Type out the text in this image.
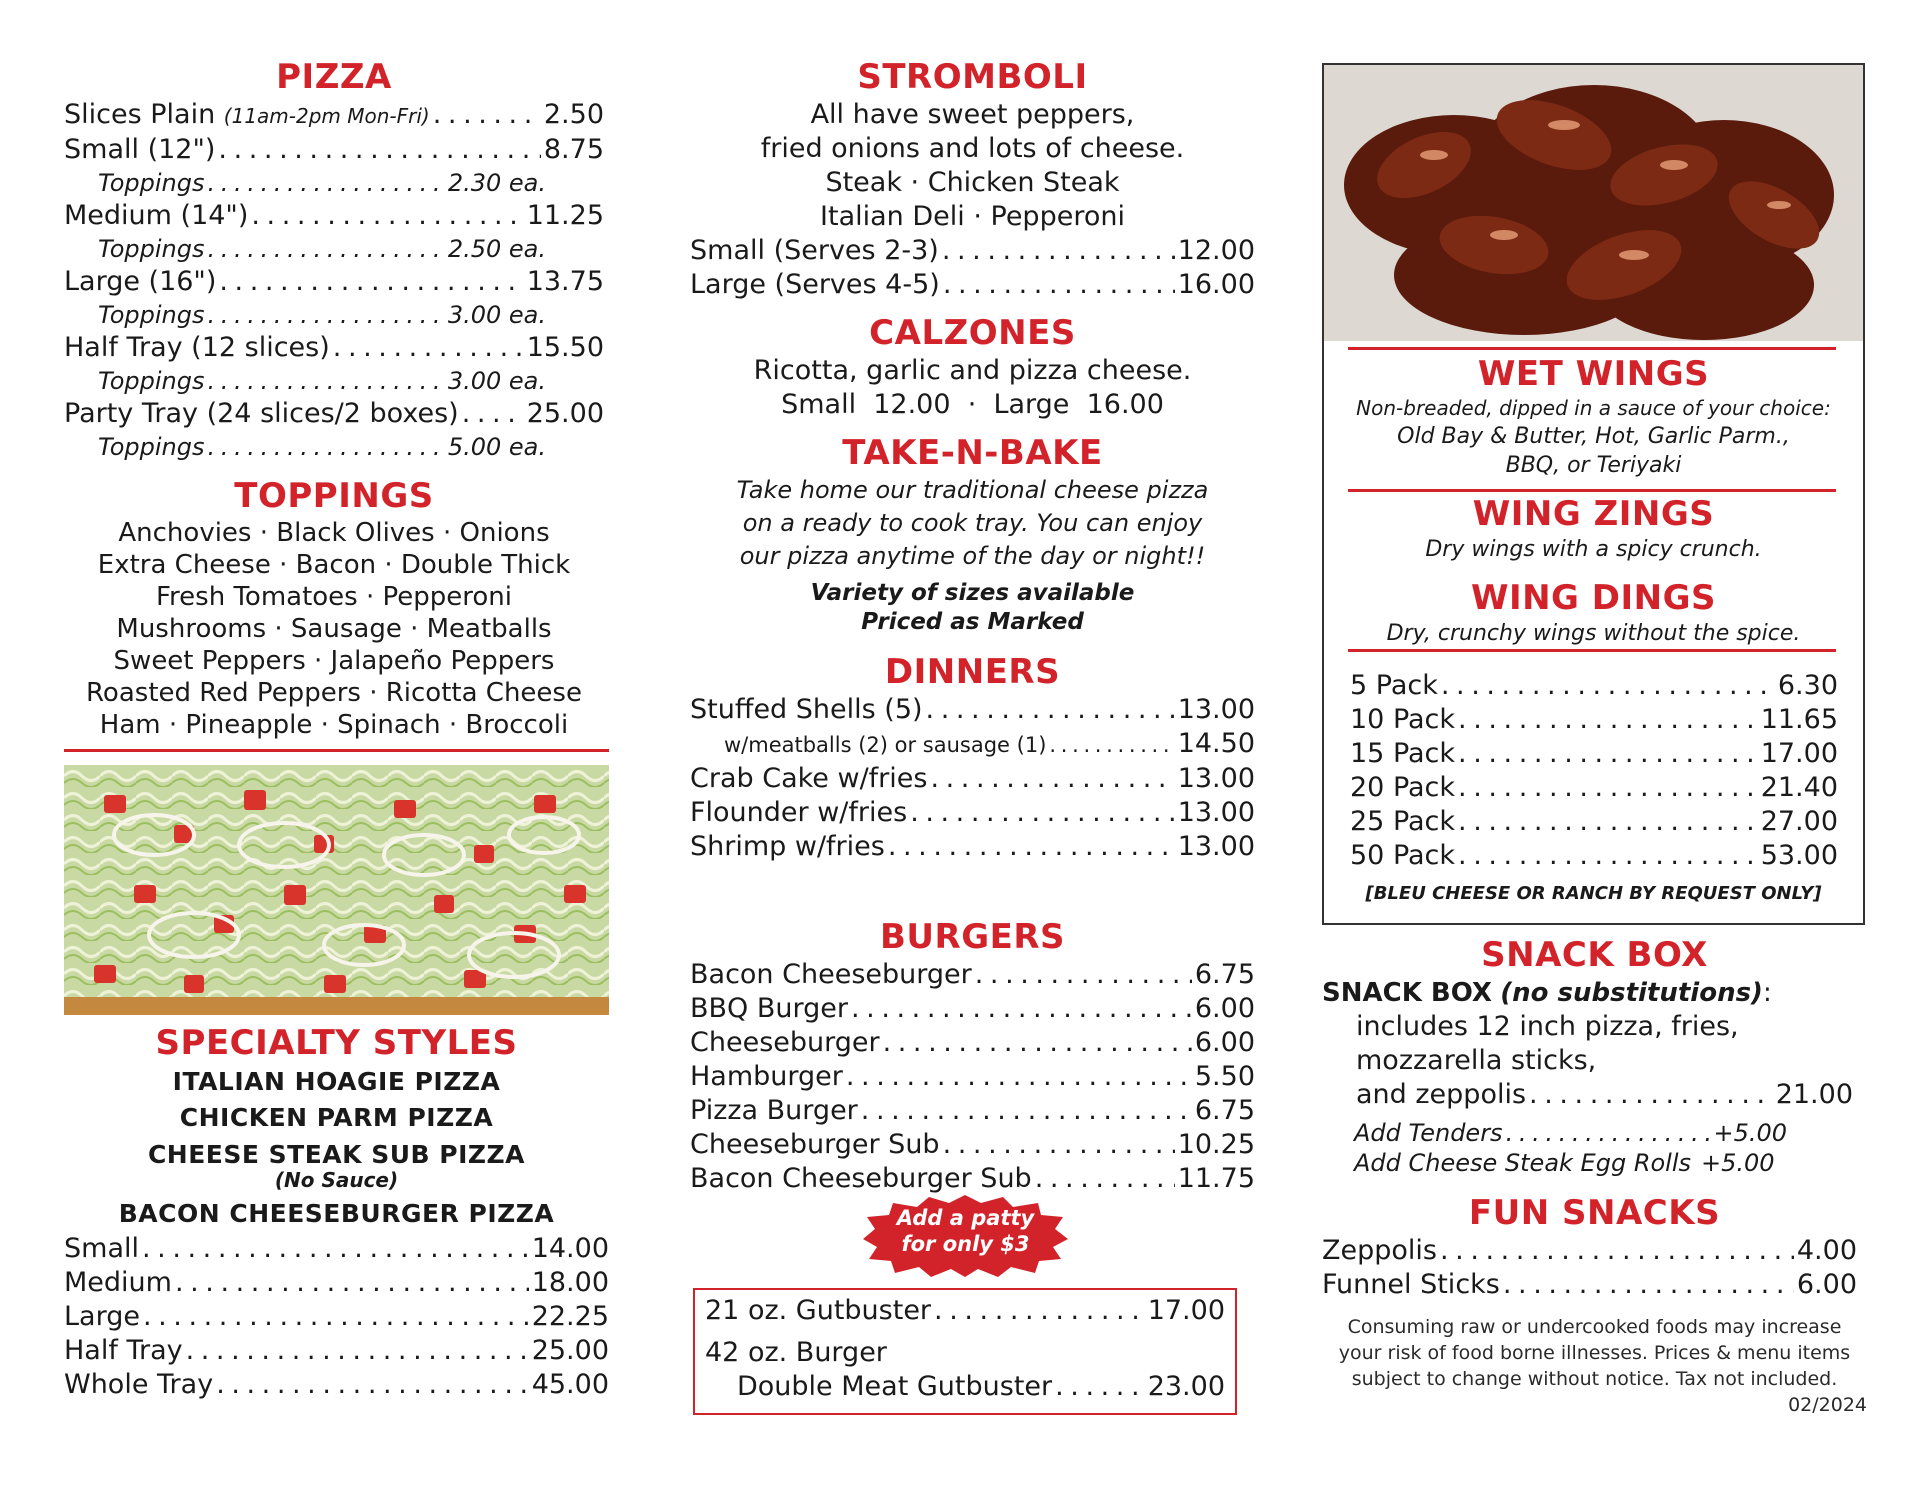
PIZZA
Slices Plain (11am-2pm Mon-Fri) . . .	2.50
Small (12") . . .	8.75
Toppings . . .	2.30 ea.
Medium (14") . . .	11.25
Toppings . . .	2.50 ea.
Large (16") . . .	13.75
Toppings . . .	3.00 ea.
Half Tray (12 slices) . . .	15.50
Toppings . . .	3.00 ea.
Party Tray (24 slices/2 boxes) . . .	25.00
Toppings . . .	5.00 ea.
TOPPINGS
Anchovies · Black Olives · Onions
Extra Cheese · Bacon · Double Thick
Fresh Tomatoes · Pepperoni
Mushrooms · Sausage · Meatballs
Sweet Peppers · Jalapeño Peppers
Roasted Red Peppers · Ricotta Cheese
Ham · Pineapple · Spinach · Broccoli
SPECIALTY STYLES
ITALIAN HOAGIE PIZZA
CHICKEN PARM PIZZA
CHEESE STEAK SUB PIZZA
(No Sauce)
BACON CHEESEBURGER PIZZA
Small . . .	14.00
Medium . . .	18.00
Large . . .	22.25
Half Tray . . .	25.00
Whole Tray . . .	45.00
STROMBOLI
All have sweet peppers,
fried onions and lots of cheese.
Steak · Chicken Steak
Italian Deli · Pepperoni
Small (Serves 2-3) . . .	12.00
Large (Serves 4-5) . . .	16.00
CALZONES
Ricotta, garlic and pizza cheese.
Small  12.00  ·  Large  16.00
TAKE-N-BAKE
Take home our traditional cheese pizza
on a ready to cook tray. You can enjoy
our pizza anytime of the day or night!!
Variety of sizes available
Priced as Marked
DINNERS
Stuffed Shells (5) . . .	13.00
w/meatballs (2) or sausage (1) . . .	14.50
Crab Cake w/fries . . .	13.00
Flounder w/fries . . .	13.00
Shrimp w/fries . . .	13.00
BURGERS
Bacon Cheeseburger . . .	6.75
BBQ Burger . . .	6.00
Cheeseburger . . .	6.00
Hamburger . . .	5.50
Pizza Burger . . .	6.75
Cheeseburger Sub . . .	10.25
Bacon Cheeseburger Sub . . .	11.75
Add a patty
for only $3
21 oz. Gutbuster . . .	17.00
42 oz. Burger
Double Meat Gutbuster . . .	23.00
WET WINGS
Non-breaded, dipped in a sauce of your choice:
Old Bay & Butter, Hot, Garlic Parm.,
BBQ, or Teriyaki
WING ZINGS
Dry wings with a spicy crunch.
WING DINGS
Dry, crunchy wings without the spice.
5 Pack . . .	6.30
10 Pack . . .	11.65
15 Pack . . .	17.00
20 Pack . . .	21.40
25 Pack . . .	27.00
50 Pack . . .	53.00
[BLEU CHEESE OR RANCH BY REQUEST ONLY]
SNACK BOX
SNACK BOX (no substitutions):
includes 12 inch pizza, fries,
mozzarella sticks,
and zeppolis . . .	21.00
Add Tenders . . .	+5.00
Add Cheese Steak Egg Rolls +5.00
FUN SNACKS
Zeppolis . . .	4.00
Funnel Sticks . . .	6.00
Consuming raw or undercooked foods may increase
your risk of food borne illnesses. Prices & menu items
subject to change without notice. Tax not included.
02/2024
